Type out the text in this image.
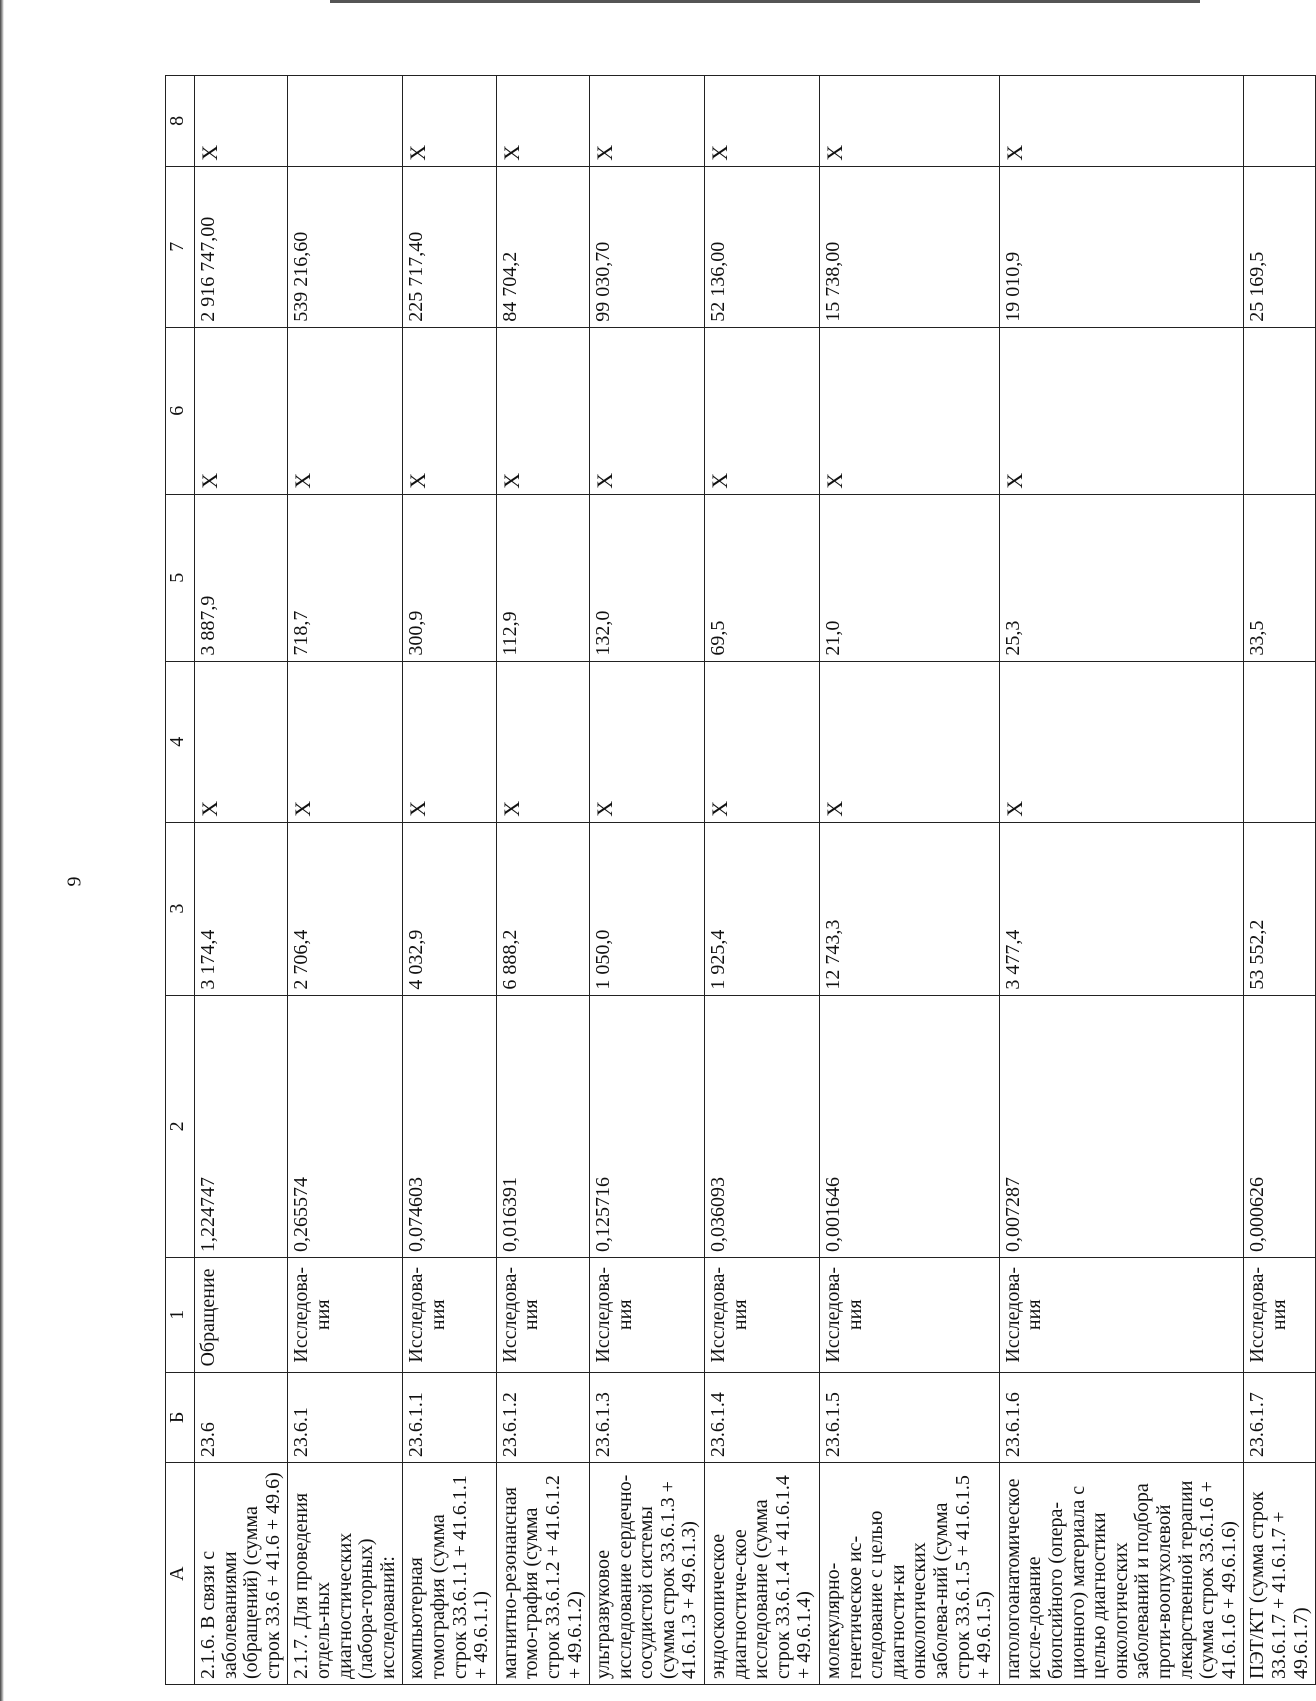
9
А	Б	1	2	3	4	5	6	7	8
2.1.6. В связи с заболеваниями (обращений) (сумма строк 33.6 + 41.6 + 49.6)	23.6	Обращение	1,224747	3 174,4	Х	3 887,9	Х	2 916 747,00	Х
2.1.7. Для проведения отдель-ных диагностических (лабора-торных) исследований:	23.6.1	Исследова-ния	0,265574	2 706,4	Х	718,7	Х	539 216,60	
компьютерная томография (сумма строк 33.6.1.1 + 41.6.1.1 + 49.6.1.1)	23.6.1.1	Исследова-ния	0,074603	4 032,9	Х	300,9	Х	225 717,40	Х
магнитно-резонансная томо-графия (сумма строк 33.6.1.2 + 41.6.1.2 + 49.6.1.2)	23.6.1.2	Исследова-ния	0,016391	6 888,2	Х	112,9	Х	84 704,2	Х
ультразвуковое исследование сердечно-сосудистой системы (сумма строк 33.6.1.3 + 41.6.1.3 + 49.6.1.3)	23.6.1.3	Исследова-ния	0,125716	1 050,0	Х	132,0	Х	99 030,70	Х
эндоскопическое диагностиче-ское исследование (сумма строк 33.6.1.4 + 41.6.1.4 + 49.6.1.4)	23.6.1.4	Исследова-ния	0,036093	1 925,4	Х	69,5	Х	52 136,00	Х
молекулярно-генетическое ис-следование с целью диагности-ки онкологических заболева-ний (сумма строк 33.6.1.5 + 41.6.1.5 + 49.6.1.5)	23.6.1.5	Исследова-ния	0,001646	12 743,3	Х	21,0	Х	15 738,00	Х
патологоанатомическое иссле-дование биопсийного (опера-ционного) материала с целью диагностики онкологических заболеваний и подбора проти-воопухолевой лекарственной терапии (сумма строк 33.6.1.6 + 41.6.1.6 + 49.6.1.6)	23.6.1.6	Исследова-ния	0,007287	3 477,4	Х	25,3	Х	19 010,9	Х
ПЭТ/КТ (сумма строк 33.6.1.7 + 41.6.1.7 + 49.6.1.7)	23.6.1.7	Исследова-ния	0,000626	53 552,2		33,5		25 169,5	
